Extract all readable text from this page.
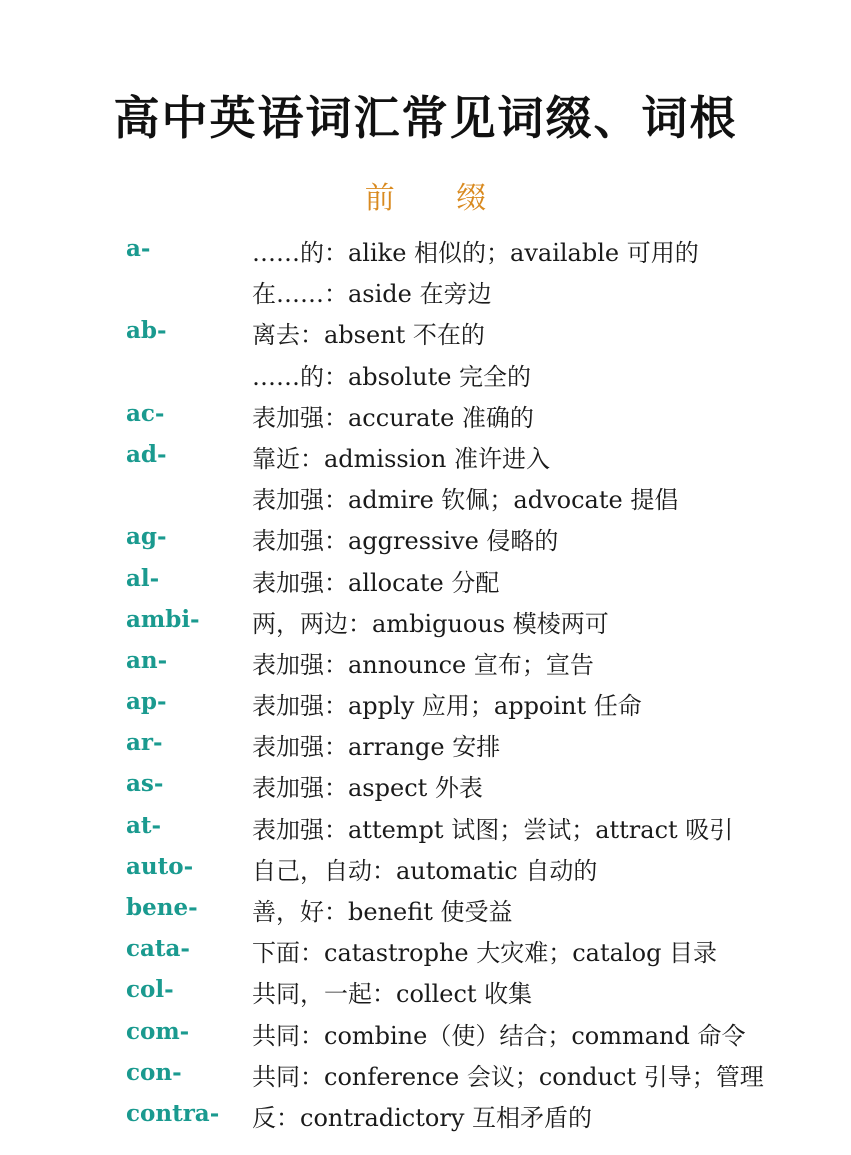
高中英语词汇常见词缀、词根
前 缀
a-	……的：alike 相似的；available 可用的
在……：aside 在旁边
ab-	离去：absent 不在的
……的：absolute 完全的
ac-	表加强：accurate 准确的
ad-	靠近：admission 准许进入
表加强：admire 钦佩；advocate 提倡
ag-	表加强：aggressive 侵略的
al-	表加强：allocate 分配
ambi- 两，两边：ambiguous 模棱两可
an-	表加强：announce 宣布；宣告
ap-	表加强：apply 应用；appoint 任命
ar-	表加强：arrange 安排
as-	表加强：aspect 外表
at-	表加强：attempt 试图；尝试；attract 吸引
auto- 自己，自动：automatic 自动的
bene- 善，好：benefit 使受益
cata-	下面：catastrophe 大灾难；catalog 目录
col-	共同，一起：collect 收集
com-	共同：combine（使）结合；command 命令
con-	共同：conference 会议；conduct 引导；管理
contra- 反：contradictory 互相矛盾的
